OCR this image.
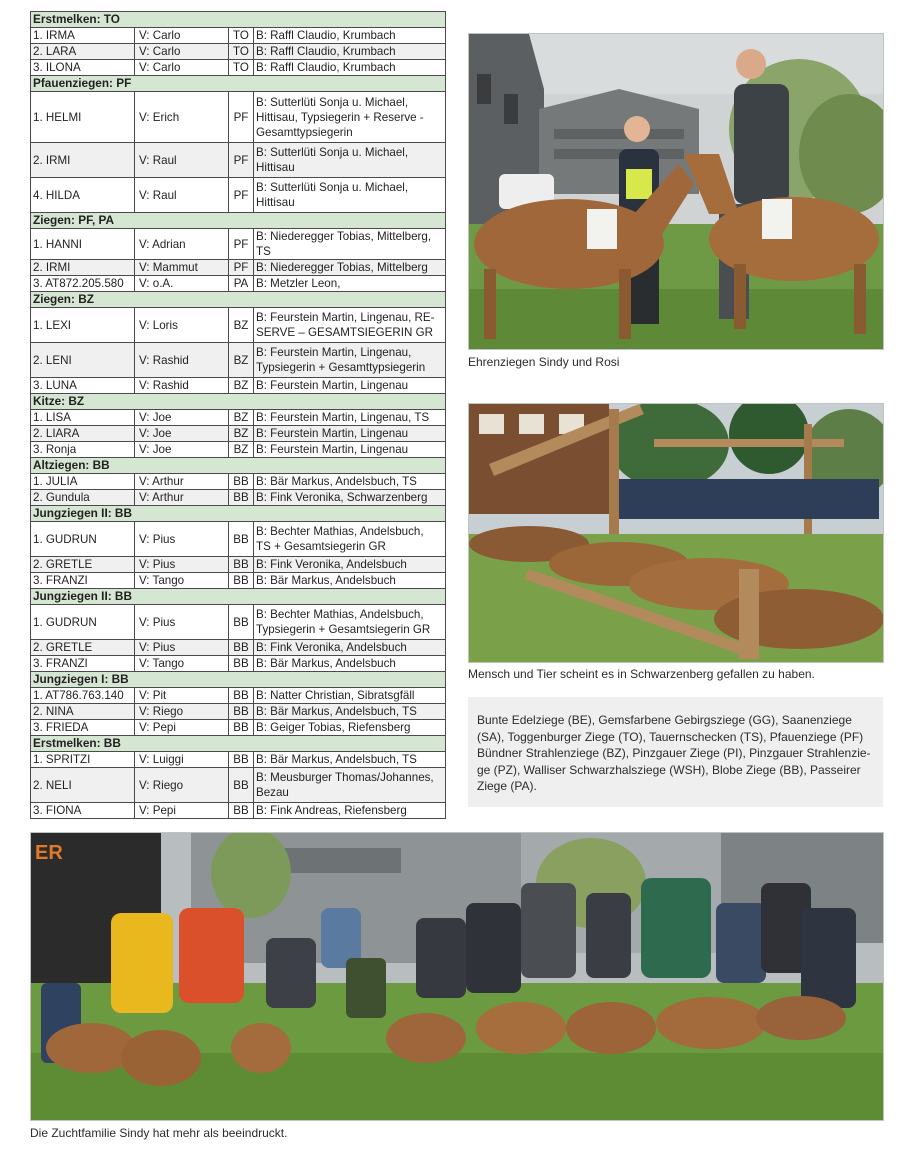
Erstmelken: TO			
1. IRMA	V: Carlo	TO	B: Raffl Claudio, Krumbach

2. LARA	V: Carlo	TO	B: Raffl Claudio, Krumbach

3. ILONA	V: Carlo	TO	B: Raffl Claudio, Krumbach

Pfauenziegen: PF			
1. HELMI	V: Erich	PF	B: Sutterlüti Sonja u. Michael,
Hittisau, Typsiegerin + Reserve -
Gesamttypsiegerin

2. IRMI	V: Raul	PF	B: Sutterlüti Sonja u. Michael,
Hittisau

4. HILDA	V: Raul	PF	B: Sutterlüti Sonja u. Michael,
Hittisau

Ziegen: PF, PA			
1. HANNI	V: Adrian	PF	B: Niederegger Tobias, Mittelberg, TS

2. IRMI	V: Mammut	PF	B: Niederegger Tobias, Mittelberg

3. AT872.205.580	V: o.A.	PA	B: Metzler Leon,

Ziegen: BZ			
1. LEXI	V: Loris	BZ	B: Feurstein Martin, Lingenau, RE-
SERVE – GESAMTSIEGERIN GR

2. LENI	V: Rashid	BZ	B: Feurstein Martin, Lingenau,
Typsiegerin + Gesamttypsiegerin

3. LUNA	V: Rashid	BZ	B: Feurstein Martin, Lingenau

Kitze: BZ			
1. LISA	V: Joe	BZ	B: Feurstein Martin, Lingenau, TS

2. LIARA	V: Joe	BZ	B: Feurstein Martin, Lingenau

3. Ronja	V: Joe	BZ	B: Feurstein Martin, Lingenau

Altziegen: BB			
1. JULIA	V: Arthur	BB	B: Bär Markus, Andelsbuch, TS

2. Gundula	V: Arthur	BB	B: Fink Veronika, Schwarzenberg

Jungziegen II: BB			
1. GUDRUN	V: Pius	BB	B: Bechter Mathias, Andelsbuch,
TS + Gesamtsiegerin GR

2. GRETLE	V: Pius	BB	B: Fink Veronika, Andelsbuch

3. FRANZI	V: Tango	BB	B: Bär Markus, Andelsbuch

Jungziegen II: BB			
1. GUDRUN	V: Pius	BB	B: Bechter Mathias, Andelsbuch,
Typsiegerin + Gesamtsiegerin GR

2. GRETLE	V: Pius	BB	B: Fink Veronika, Andelsbuch

3. FRANZI	V: Tango	BB	B: Bär Markus, Andelsbuch

Jungziegen I: BB			
1. AT786.763.140	V: Pit	BB	B: Natter Christian, Sibratsgfäll

2. NINA	V: Riego	BB	B: Bär Markus, Andelsbuch, TS

3. FRIEDA	V: Pepi	BB	B: Geiger Tobias, Riefensberg

Erstmelken: BB			
1. SPRITZI	V: Luiggi	BB	B: Bär Markus, Andelsbuch, TS

2. NELI	V: Riego	BB	B: Meusburger Thomas/Johannes,
Bezau

3. FIONA	V: Pepi	BB	B: Fink Andreas, Riefensberg
Ehrenziegen Sindy und Rosi
Mensch und Tier scheint es in Schwarzenberg gefallen zu haben.
Bunte Edelziege (BE), Gemsfarbene Gebirgsziege (GG), Saanenziege
(SA), Toggenburger Ziege (TO), Tauernschecken (TS), Pfauenziege (PF)
Bündner Strahlenziege (BZ), Pinzgauer Ziege (PI), Pinzgauer Strahlenzie-
ge (PZ), Walliser Schwarzhalsziege (WSH), Blobe Ziege (BB), Passeirer
Ziege (PA).
ER
Die Zuchtfamilie Sindy hat mehr als beeindruckt.
